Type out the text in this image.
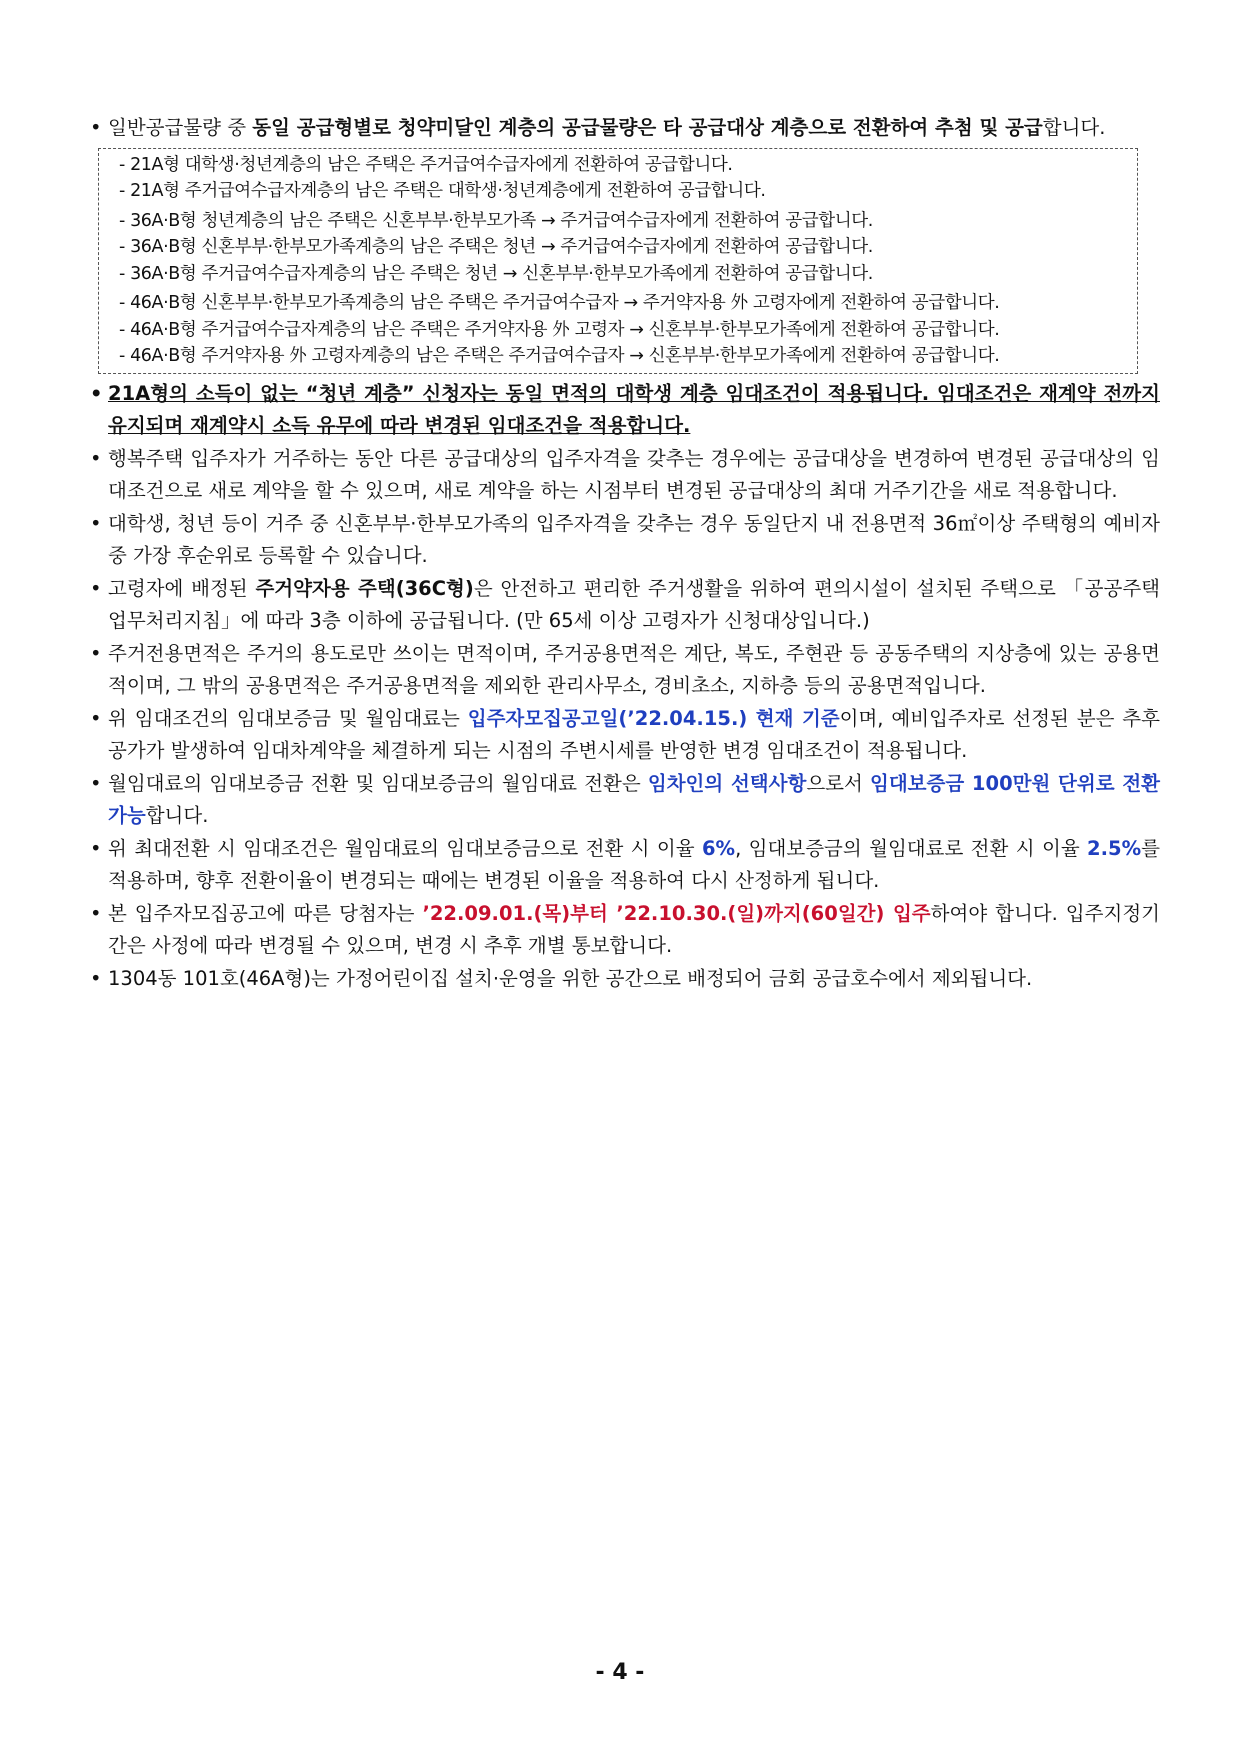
• 일반공급물량 중 동일 공급형별로 청약미달인 계층의 공급물량은 타 공급대상 계층으로 전환하여 추첨 및 공급합니다.

- 21A형 대학생·청년계층의 남은 주택은 주거급여수급자에게 전환하여 공급합니다.
- 21A형 주거급여수급자계층의 남은 주택은 대학생·청년계층에게 전환하여 공급합니다.
- 36A·B형 청년계층의 남은 주택은 신혼부부·한부모가족 → 주거급여수급자에게 전환하여 공급합니다.
- 36A·B형 신혼부부·한부모가족계층의 남은 주택은 청년 → 주거급여수급자에게 전환하여 공급합니다.
- 36A·B형 주거급여수급자계층의 남은 주택은 청년 → 신혼부부·한부모가족에게 전환하여 공급합니다.
- 46A·B형 신혼부부·한부모가족계층의 남은 주택은 주거급여수급자 → 주거약자용 外 고령자에게 전환하여 공급합니다.
- 46A·B형 주거급여수급자계층의 남은 주택은 주거약자용 外 고령자 → 신혼부부·한부모가족에게 전환하여 공급합니다.
- 46A·B형 주거약자용 外 고령자계층의 남은 주택은 주거급여수급자 → 신혼부부·한부모가족에게 전환하여 공급합니다.

• 21A형의 소득이 없는 “청년 계층” 신청자는 동일 면적의 대학생 계층 임대조건이 적용됩니다. 임대조건은 재계약 전까지 유지되며 재계약시 소득 유무에 따라 변경된 임대조건을 적용합니다.

• 행복주택 입주자가 거주하는 동안 다른 공급대상의 입주자격을 갖추는 경우에는 공급대상을 변경하여 변경된 공급대상의 임대조건으로 새로 계약을 할 수 있으며, 새로 계약을 하는 시점부터 변경된 공급대상의 최대 거주기간을 새로 적용합니다.

• 대학생, 청년 등이 거주 중 신혼부부·한부모가족의 입주자격을 갖추는 경우 동일단지 내 전용면적 36㎡이상 주택형의 예비자 중 가장 후순위로 등록할 수 있습니다.

• 고령자에 배정된 주거약자용 주택(36C형)은 안전하고 편리한 주거생활을 위하여 편의시설이 설치된 주택으로 「공공주택 업무처리지침」에 따라 3층 이하에 공급됩니다. (만 65세 이상 고령자가 신청대상입니다.)

• 주거전용면적은 주거의 용도로만 쓰이는 면적이며, 주거공용면적은 계단, 복도, 주현관 등 공동주택의 지상층에 있는 공용면적이며, 그 밖의 공용면적은 주거공용면적을 제외한 관리사무소, 경비초소, 지하층 등의 공용면적입니다.

• 위 임대조건의 임대보증금 및 월임대료는 입주자모집공고일(’22.04.15.) 현재 기준이며, 예비입주자로 선정된 분은 추후 공가가 발생하여 임대차계약을 체결하게 되는 시점의 주변시세를 반영한 변경 임대조건이 적용됩니다.

• 월임대료의 임대보증금 전환 및 임대보증금의 월임대료 전환은 임차인의 선택사항으로서 임대보증금 100만원 단위로 전환 가능합니다.

• 위 최대전환 시 임대조건은 월임대료의 임대보증금으로 전환 시 이율 6%, 임대보증금의 월임대료로 전환 시 이율 2.5%를 적용하며, 향후 전환이율이 변경되는 때에는 변경된 이율을 적용하여 다시 산정하게 됩니다.

• 본 입주자모집공고에 따른 당첨자는 ’22.09.01.(목)부터 ’22.10.30.(일)까지(60일간) 입주하여야 합니다. 입주지정기간은 사정에 따라 변경될 수 있으며, 변경 시 추후 개별 통보합니다.

• 1304동 101호(46A형)는 가정어린이집 설치·운영을 위한 공간으로 배정되어 금회 공급호수에서 제외됩니다.

- 4 -
